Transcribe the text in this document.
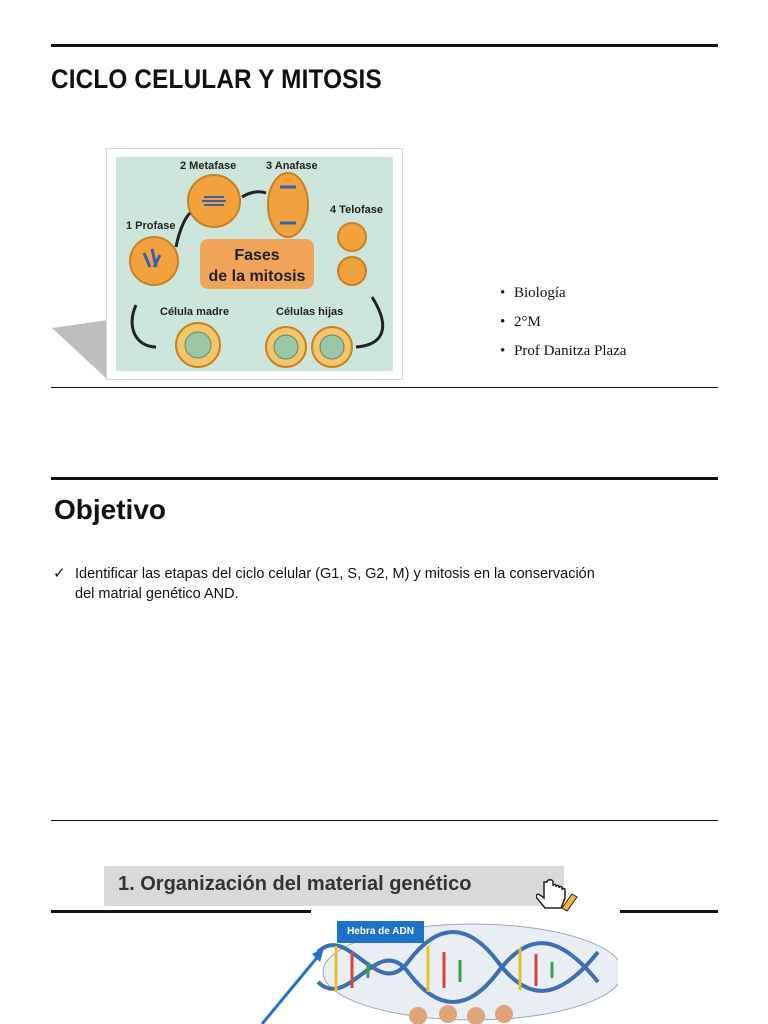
CICLO CELULAR Y MITOSIS
Fases
de la mitosis
1 Profase
2 Metafase	3 Anafase
4 Telofase
Célula madre	Células hijas
• Biología
• 2°M
• Prof Danitza Plaza
Objetivo
✓ Identificar las etapas del ciclo celular (G1, S, G2, M) y mitosis en la conservación
del matrial genético AND.
1. Organización del material genético
Hebra de ADN
